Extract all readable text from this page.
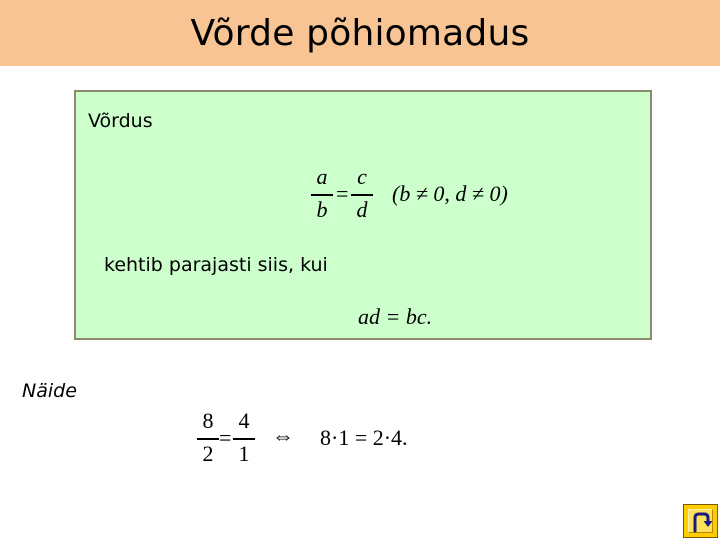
Võrde põhiomadus
Võrdus
a
b
=
c
d
(b ≠ 0, d ≠ 0)
kehtib parajasti siis, kui
ad = bc.
Näide
8
2
=
4
1
⇔ 8·1 = 2·4.
